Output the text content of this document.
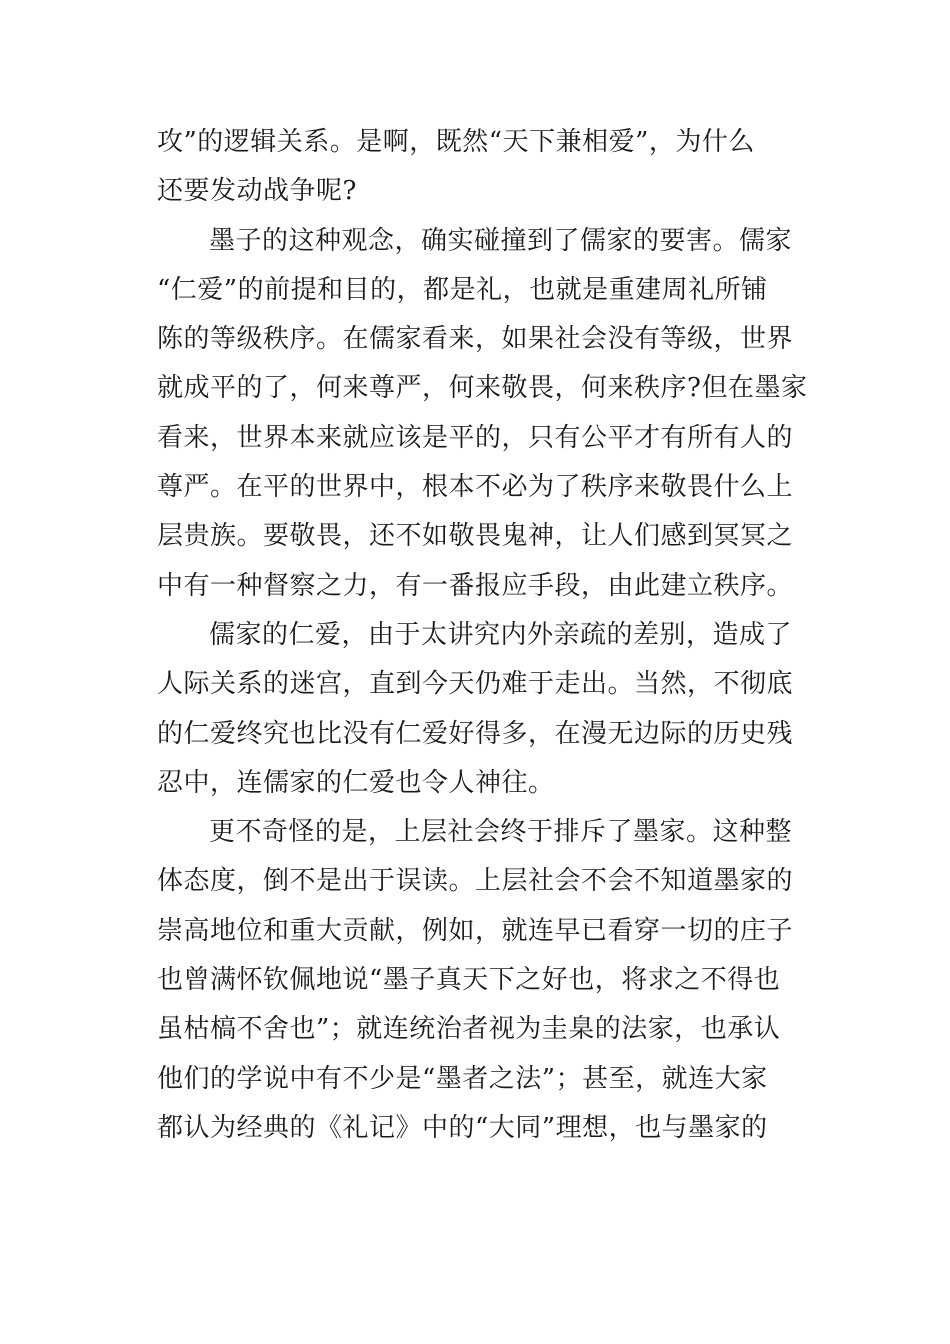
攻”的逻辑关系。是啊，既然“天下兼相爱”，为什么
还要发动战争呢?
墨子的这种观念，确实碰撞到了儒家的要害。儒家
“仁爱”的前提和目的，都是礼，也就是重建周礼所铺
陈的等级秩序。在儒家看来，如果社会没有等级，世界
就成平的了，何来尊严，何来敬畏，何来秩序?但在墨家
看来，世界本来就应该是平的，只有公平才有所有人的
尊严。在平的世界中，根本不必为了秩序来敬畏什么上
层贵族。要敬畏，还不如敬畏鬼神，让人们感到冥冥之
中有一种督察之力，有一番报应手段，由此建立秩序。
儒家的仁爱，由于太讲究内外亲疏的差别，造成了
人际关系的迷宫，直到今天仍难于走出。当然，不彻底
的仁爱终究也比没有仁爱好得多，在漫无边际的历史残
忍中，连儒家的仁爱也令人神往。
更不奇怪的是，上层社会终于排斥了墨家。这种整
体态度，倒不是出于误读。上层社会不会不知道墨家的
崇高地位和重大贡献，例如，就连早已看穿一切的庄子
也曾满怀钦佩地说“墨子真天下之好也，将求之不得也
虽枯槁不舍也”；就连统治者视为圭臬的法家，也承认
他们的学说中有不少是“墨者之法”；甚至，就连大家
都认为经典的《礼记》中的“大同”理想，也与墨家的
